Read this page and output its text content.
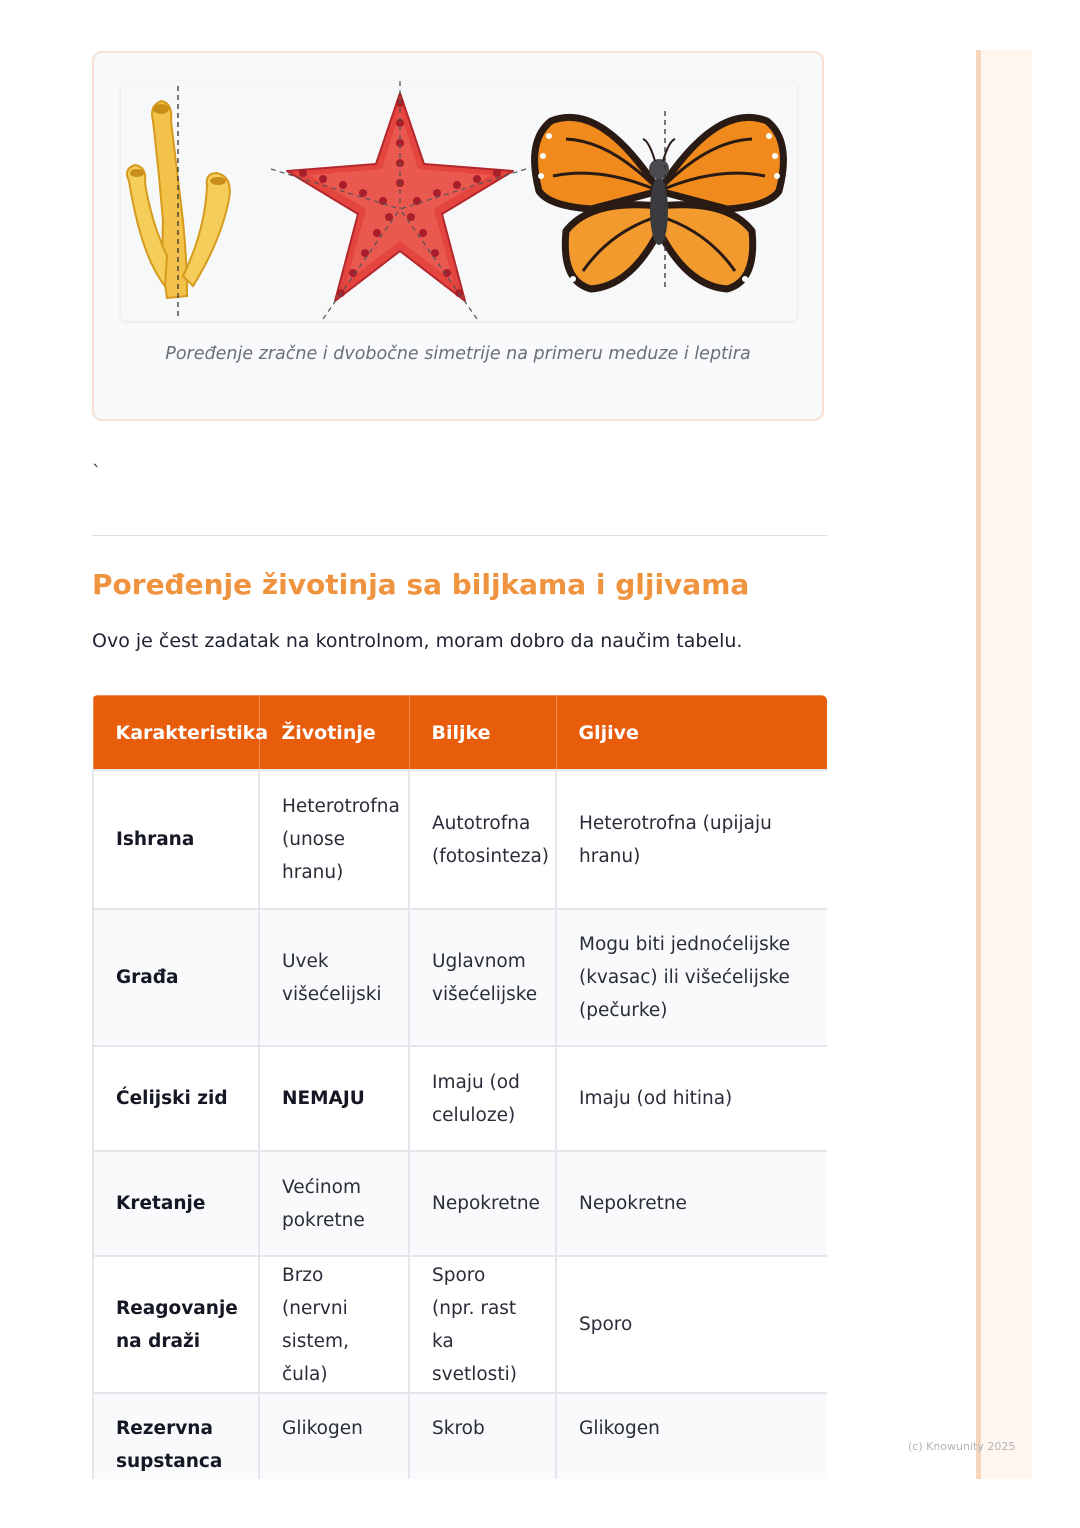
Poređenje zračne i dvobočne simetrije na primeru meduze i leptira
`
Poređenje životinja sa biljkama i gljivama

Ovo je čest zadatak na kontrolnom, moram dobro da naučim tabelu.

Karakteristika	Životinje	Biljke	Gljive
Ishrana	Heterotrofna (unose hranu)	Autotrofna (fotosinteza)	Heterotrofna (upijaju hranu)
Građa	Uvek višećelijski	Uglavnom višećelijske	Mogu biti jednoćelijske (kvasac) ili višećelijske (pečurke)
Ćelijski zid	NEMAJU	Imaju (od celuloze)	Imaju (od hitina)
Kretanje	Većinom pokretne	Nepokretne	Nepokretne
Reagovanje na draži	Brzo (nervni sistem, čula)	Sporo (npr. rast ka svetlosti)	Sporo
Rezervna supstanca	Glikogen	Skrob	Glikogen
(c) Knowunity 2025
